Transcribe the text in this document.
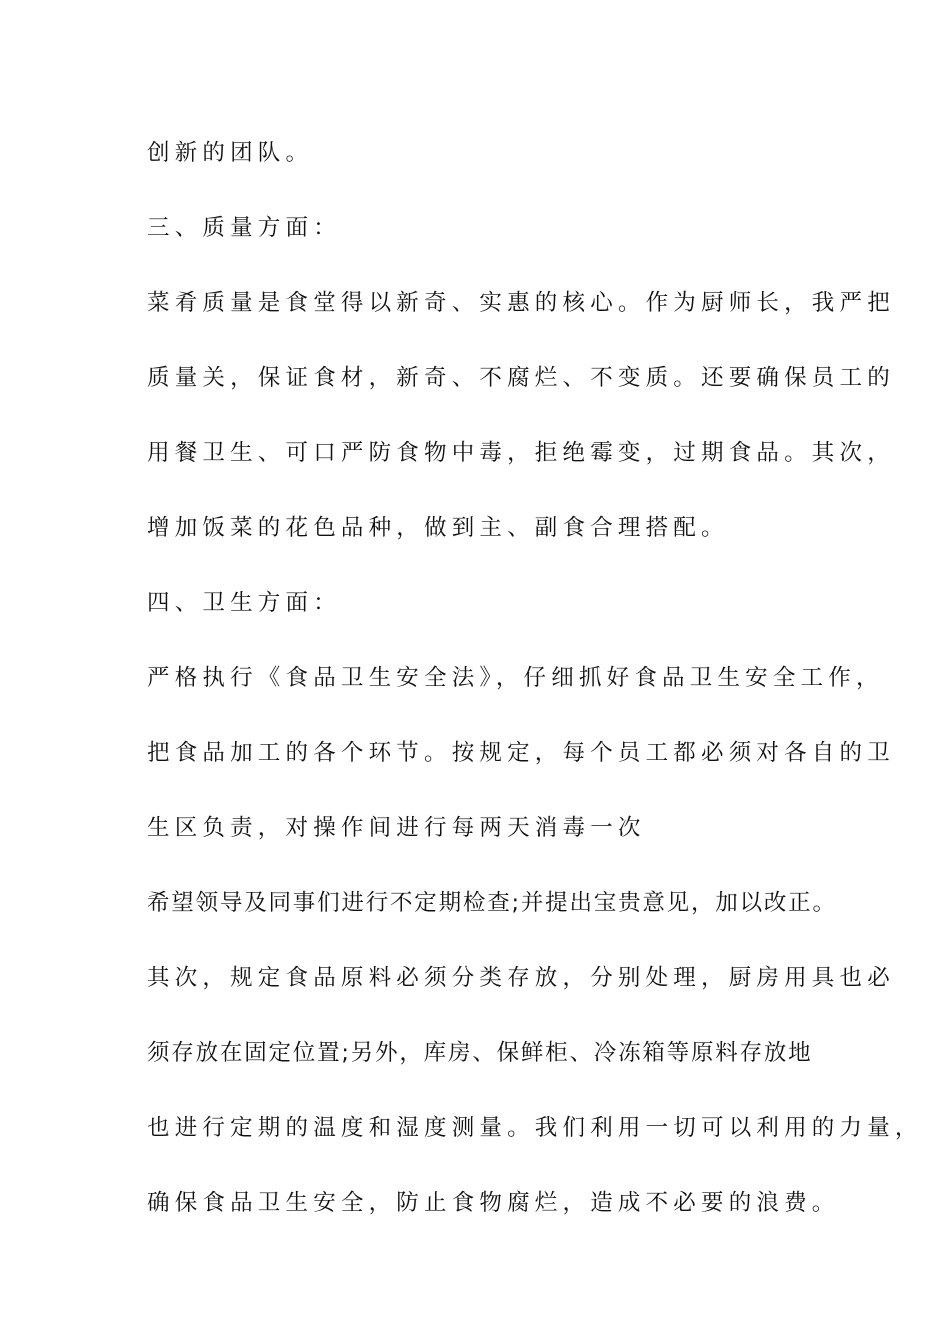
创新的团队。
三、质量方面：
菜肴质量是食堂得以新奇、实惠的核心。作为厨师长，我严把
质量关，保证食材，新奇、不腐烂、不变质。还要确保员工的
用餐卫生、可口严防食物中毒，拒绝霉变，过期食品。其次，
增加饭菜的花色品种，做到主、副食合理搭配。
四、卫生方面：
严格执行《食品卫生安全法》，仔细抓好食品卫生安全工作，
把食品加工的各个环节。按规定，每个员工都必须对各自的卫
生区负责，对操作间进行每两天消毒一次
希望领导及同事们进行不定期检查;并提出宝贵意见，加以改正。
其次，规定食品原料必须分类存放，分别处理，厨房用具也必
须存放在固定位置;另外，库房、保鲜柜、冷冻箱等原料存放地
也进行定期的温度和湿度测量。我们利用一切可以利用的力量，
确保食品卫生安全，防止食物腐烂，造成不必要的浪费。
